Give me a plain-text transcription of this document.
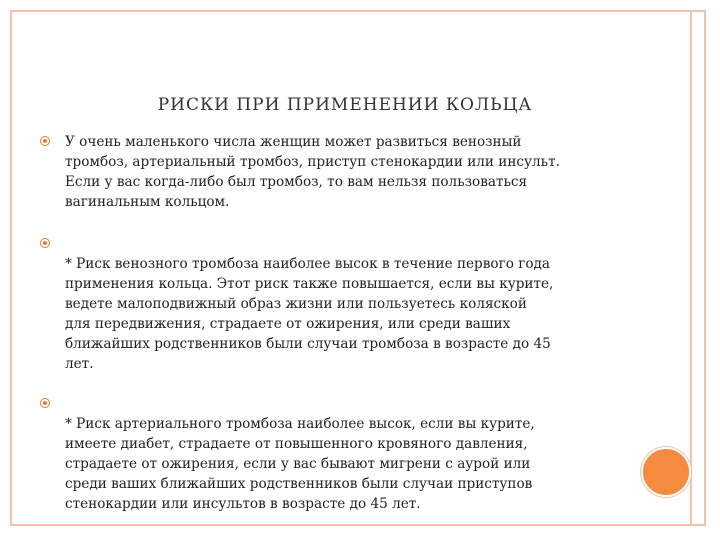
РИСКИ ПРИ ПРИМЕНЕНИИ КОЛЬЦА
У очень маленького числа женщин может развиться венозный
тромбоз, артериальный тромбоз, приступ стенокардии или инсульт.
Если у вас когда-либо был тромбоз, то вам нельзя пользоваться
вагинальным кольцом.
* Риск венозного тромбоза наиболее высок в течение первого года
применения кольца. Этот риск также повышается, если вы курите,
ведете малоподвижный образ жизни или пользуетесь коляской
для передвижения, страдаете от ожирения, или среди ваших
ближайших родственников были случаи тромбоза в возрасте до 45
лет.
* Риск артериального тромбоза наиболее высок, если вы курите,
имеете диабет, страдаете от повышенного кровяного давления,
страдаете от ожирения, если у вас бывают мигрени с аурой или
среди ваших ближайших родственников были случаи приступов
стенокардии или инсультов в возрасте до 45 лет.
